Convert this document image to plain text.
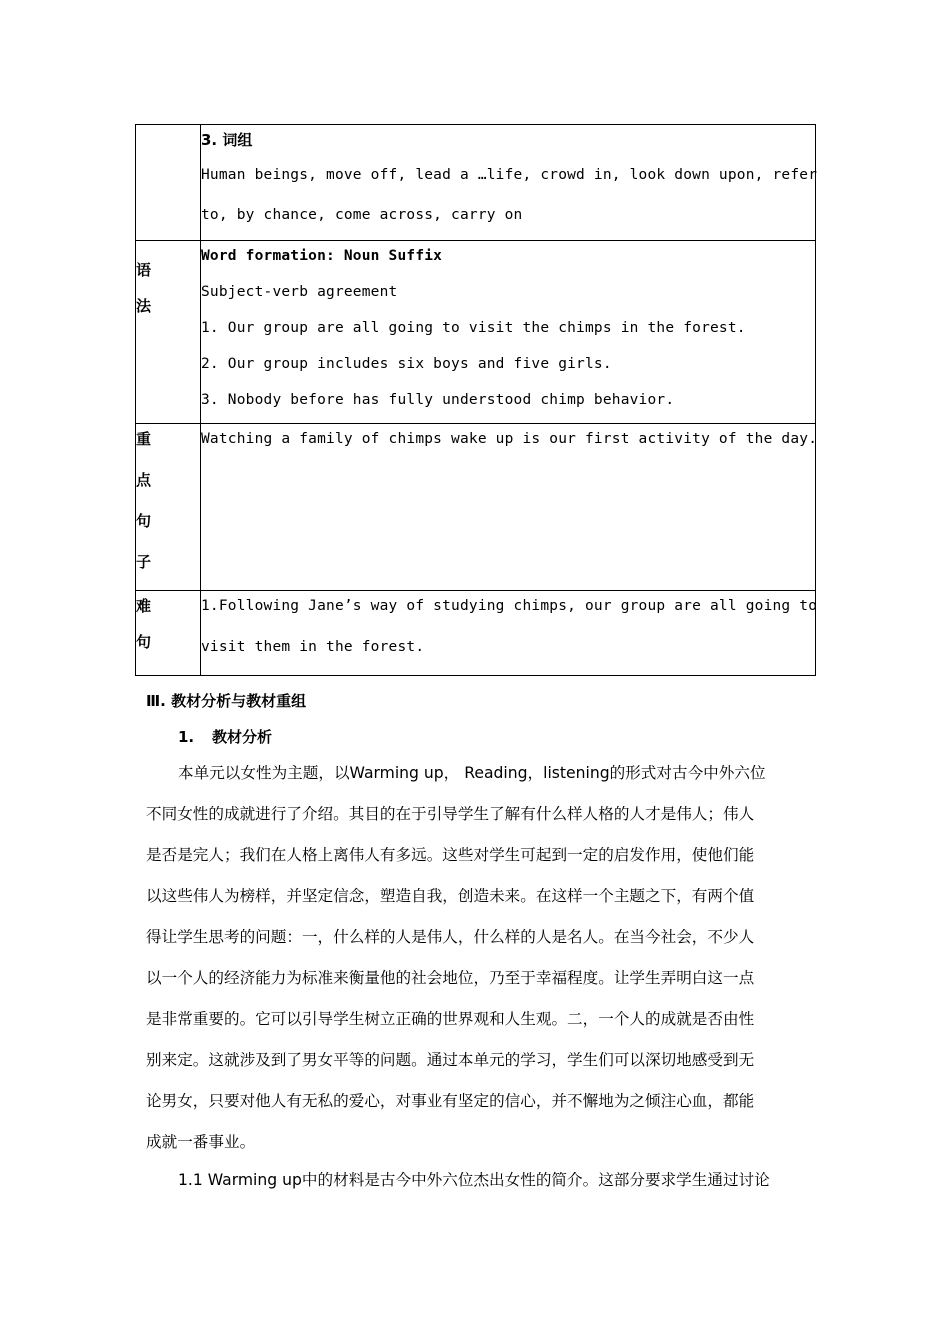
	3. 词组
Human beings, move off, lead a …life, crowd in, look down upon, refer
to, by chance, come across, carry on

语
法	Word formation: Noun Suffix
Subject-verb agreement
1. Our group are all going to visit the chimps in the forest.
2. Our group includes six boys and five girls.
3. Nobody before has fully understood chimp behavior.

重
点
句
子	Watching a family of chimps wake up is our first activity of the day.

难
句	1.Following Jane’s way of studying chimps, our group are all going to
visit them in the forest.
Ⅲ. 教材分析与教材重组
1. 教材分析
本单元以女性为主题，以Warming up， Reading，listening的形式对古今中外六位
不同女性的成就进行了介绍。其目的在于引导学生了解有什么样人格的人才是伟人；伟人
是否是完人；我们在人格上离伟人有多远。这些对学生可起到一定的启发作用，使他们能
以这些伟人为榜样，并坚定信念，塑造自我，创造未来。在这样一个主题之下，有两个值
得让学生思考的问题：一，什么样的人是伟人，什么样的人是名人。在当今社会，不少人
以一个人的经济能力为标准来衡量他的社会地位，乃至于幸福程度。让学生弄明白这一点
是非常重要的。它可以引导学生树立正确的世界观和人生观。二，一个人的成就是否由性
别来定。这就涉及到了男女平等的问题。通过本单元的学习，学生们可以深切地感受到无
论男女，只要对他人有无私的爱心，对事业有坚定的信心，并不懈地为之倾注心血，都能
成就一番事业。
1.1 Warming up中的材料是古今中外六位杰出女性的简介。这部分要求学生通过讨论
